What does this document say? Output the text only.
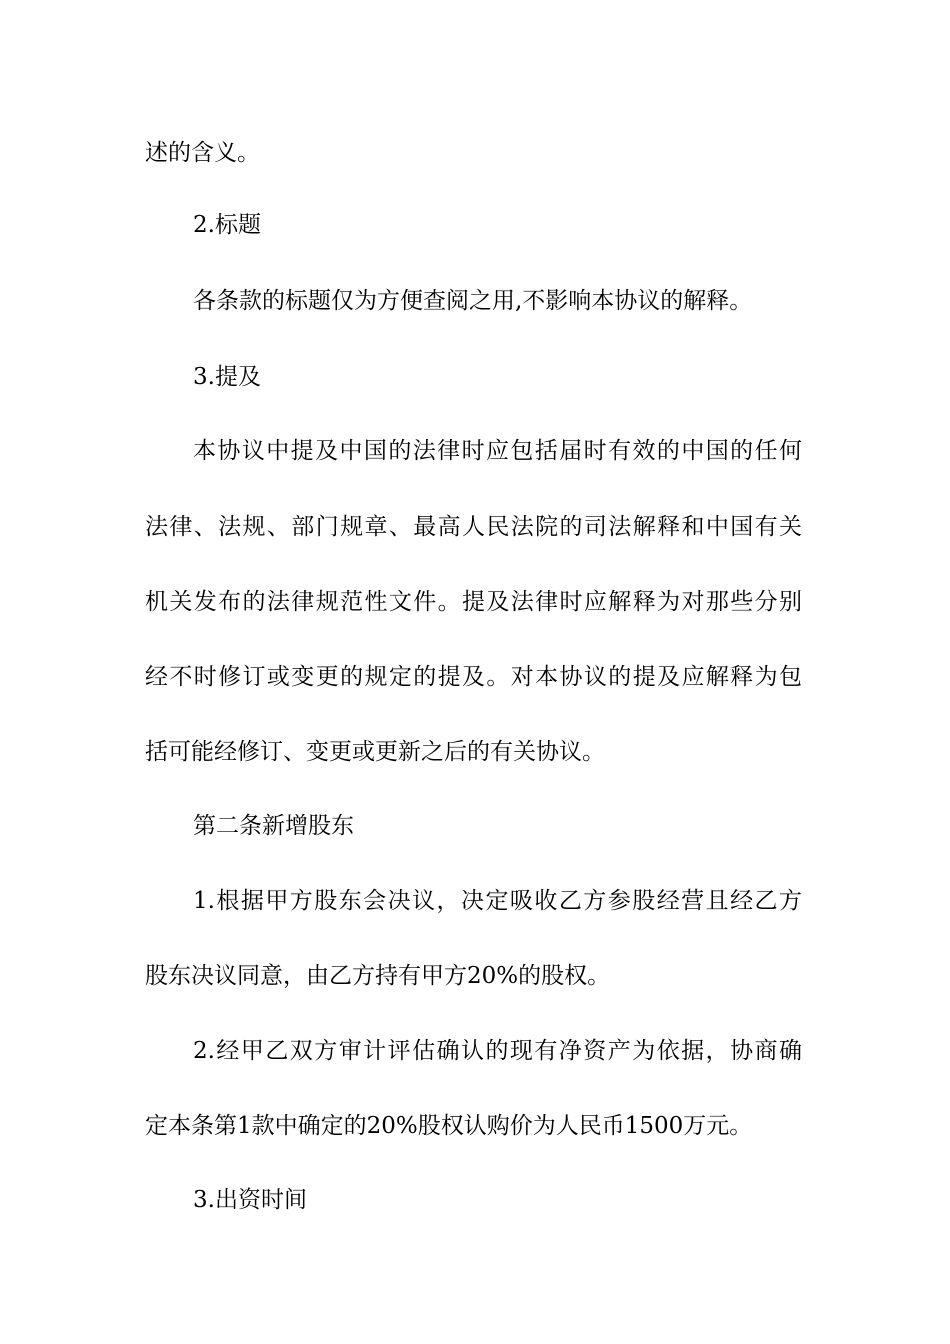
述的含义。
2.标题
各条款的标题仅为方便查阅之用,不影响本协议的解释。
3.提及
本协议中提及中国的法律时应包括届时有效的中国的任何
法律、法规、部门规章、最高人民法院的司法解释和中国有关
机关发布的法律规范性文件。提及法律时应解释为对那些分别
经不时修订或变更的规定的提及。对本协议的提及应解释为包
括可能经修订、变更或更新之后的有关协议。
第二条新增股东
1.根据甲方股东会决议，决定吸收乙方参股经营且经乙方
股东决议同意，由乙方持有甲方20%的股权。
2.经甲乙双方审计评估确认的现有净资产为依据，协商确
定本条第1款中确定的20%股权认购价为人民币1500万元。
3.出资时间
